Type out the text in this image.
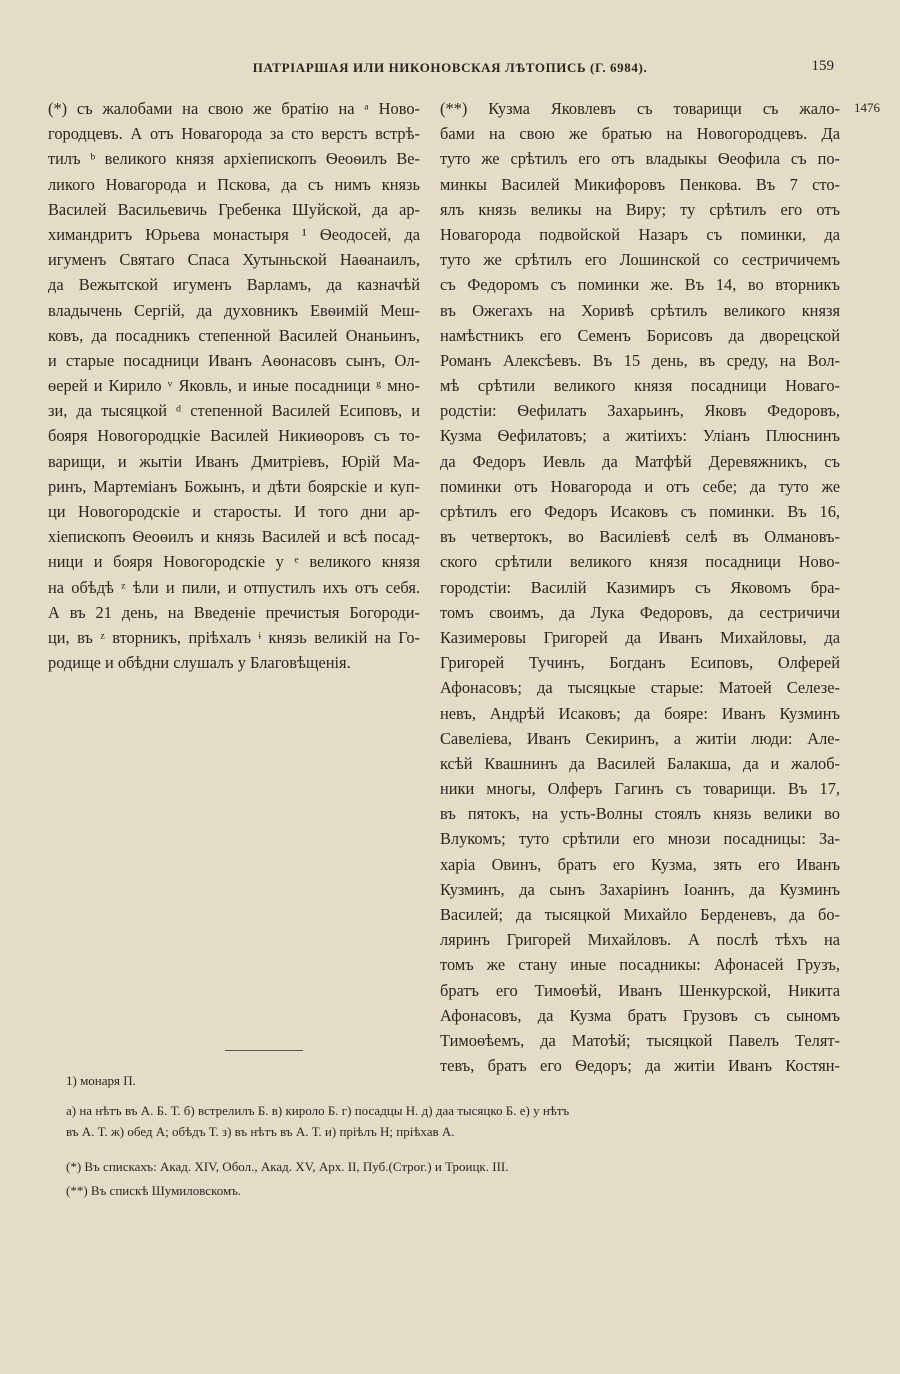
ПАТРІАРШАЯ ИЛИ НИКОНОВСКАЯ ЛѢТОПИСЬ (Г. 6984).	159
1476
(*) съ жалобами на свою же братію на ᵃ Ново-
городцевъ. А отъ Новагорода за сто верстъ встрѣ-
тилъ ᵇ великого князя архіепископъ Ѳеоѳилъ Ве-
ликого Новагорода и Пскова, да съ нимъ князь
Василей Васильевичь Гребенка Шуйской, да ар-
химандритъ Юрьева монастыря ¹ Ѳеодосей, да
игуменъ Святаго Спаса Хутыньской Наѳанаилъ,
да Вежытской игуменъ Варламъ, да казначѣй
владычень Сергій, да духовникъ Евѳимій Меш-
ковъ, да посадникъ степенной Василей Онаньинъ,
и старые посадници Иванъ Аѳонасовъ сынъ, Ол-
ѳерей и Кирило ᵛ Яковль, и иные посадници ᵍ мно-
зи, да тысяцкой ᵈ степенной Василей Есиповъ, и
бояря Новогородцкіе Василей Никиѳоровъ съ то-
варищи, и жытіи Иванъ Дмитріевъ, Юрій Ма-
ринъ, Мартеміанъ Божынъ, и дѣти боярскіе и куп-
ци Новогородскіе и старосты. И того дни ар-
хіепископъ Ѳеоѳилъ и князь Василей и всѣ посад-
ници и бояря Новогородскіе у ᵉ великого князя
на обѣдѣ ᶻ ѣли и пили, и отпустилъ ихъ отъ себя.
А въ 21 день, на Введеніе пречистыя Богороди-
ци, въ ᶻ вторникъ, пріѣхалъ ᶤ князь великій на Го-
родище и обѣдни слушалъ у Благовѣщенія.
(**) Кузма Яковлевъ съ товарищи съ жало-
бами на свою же братью на Новогородцевъ. Да
туто же срѣтилъ его отъ владыкы Ѳеофила съ по-
минкы Василей Микифоровъ Пенкова. Въ 7 сто-
ялъ князь великы на Виру; ту срѣтилъ его отъ
Новагорода подвойской Назаръ съ поминки, да
туто же срѣтилъ его Лошинской со сестричичемъ
съ Федоромъ съ поминки же. Въ 14, во вторникъ
въ Ожегахъ на Хоривѣ срѣтилъ великого князя
намѣстникъ его Семенъ Борисовъ да дворецской
Романъ Алексѣевъ. Въ 15 день, въ среду, на Вол-
мѣ срѣтили великого князя посадници Новаго-
родстіи: Ѳефилатъ Захарьинъ, Яковъ Федоровъ,
Кузма Ѳефилатовъ; а житіихъ: Уліанъ Плюснинъ
да Федоръ Иевль да Матфѣй Деревяжникъ, съ
поминки отъ Новагорода и отъ себе; да туто же
срѣтилъ его Федоръ Исаковъ съ поминки. Въ 16,
въ четвертокъ, во Василіевѣ селѣ въ Олмановъ-
ского срѣтили великого князя посадници Ново-
городстіи: Василій Казимиръ съ Яковомъ бра-
томъ своимъ, да Лука Федоровъ, да сестричичи
Казимеровы Григорей да Иванъ Михайловы, да
Григорей Тучинъ, Богданъ Есиповъ, Олферей
Афонасовъ; да тысяцкые старые: Матоей Селезе-
невъ, Андрѣй Исаковъ; да бояре: Иванъ Кузминъ
Савеліева, Иванъ Секиринъ, а житіи люди: Але-
ксѣй Квашнинъ да Василей Балакша, да и жалоб-
ники многы, Олферъ Гагинъ съ товарищи. Въ 17,
въ пятокъ, на усть-Волны стоялъ князь велики во
Влукомъ; туто срѣтили его мнози посадницы: За-
харіа Овинъ, братъ его Кузма, зять его Иванъ
Кузминъ, да сынъ Захаріинъ Іоаннъ, да Кузминъ
Василей; да тысяцкой Михайло Берденевъ, да бо-
ляринъ Григорей Михайловъ. А послѣ тѣхъ на
томъ же стану иные посадникы: Афонасей Грузъ,
братъ его Тимоѳѣй, Иванъ Шенкурской, Никита
Афонасовъ, да Кузма братъ Грузовъ съ сыномъ
Тимоѳѣемъ, да Матоѣй; тысяцкой Павелъ Телят-
тевъ, братъ его Ѳедоръ; да житіи Иванъ Костян-
1) монаря П.
а) на нѣтъ въ А. Б. Т. б) встрелилъ Б. в) кироло Б. г) посадцы Н. д) даа тысяцко Б. е) у нѣтъ
въ А. Т. ж) обед А; обѣдъ Т. з) въ нѣтъ въ А. Т. и) пріѣлъ Н; пріѣхав А.
(*) Въ спискахъ: Акад. XIV, Обол., Акад. XV, Арх. II, Пуб.(Строг.) и Троицк. III.
(**) Въ спискѣ Шумиловскомъ.
